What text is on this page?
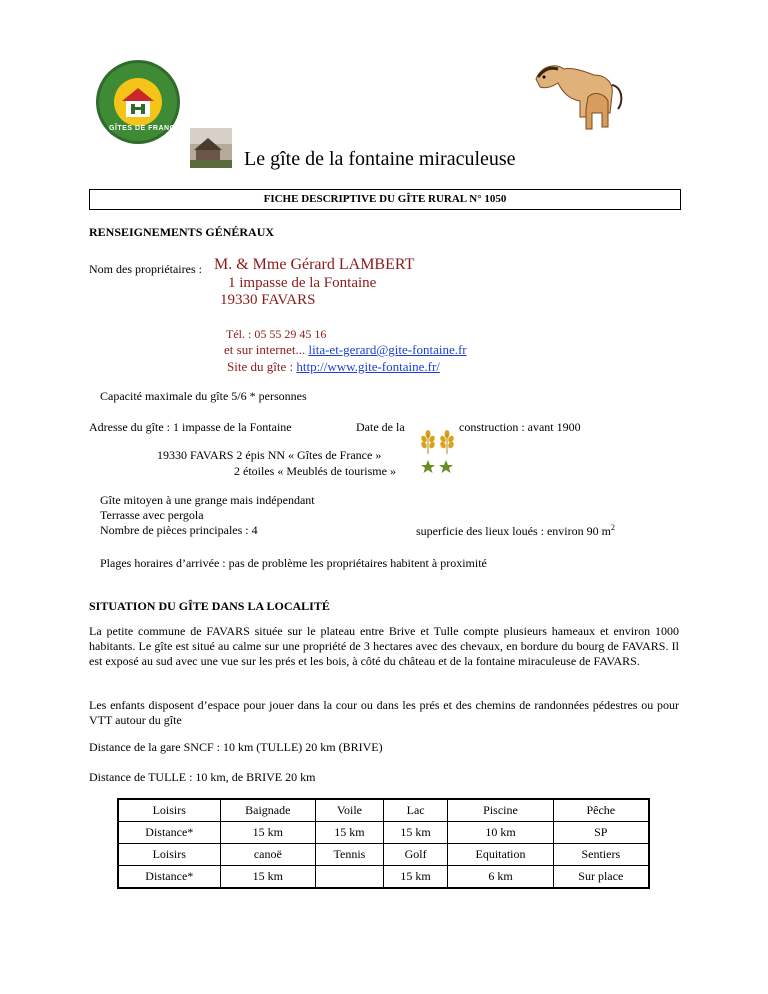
GÎTES DE FRANCE
Le gîte de la fontaine miraculeuse
FICHE DESCRIPTIVE DU GÎTE RURAL N° 1050
RENSEIGNEMENTS GÉNÉRAUX
Nom des propriétaires : M. & Mme Gérard LAMBERT
1 impasse de la Fontaine
19330 FAVARS
Tél. : 05 55 29 45 16
et sur internet... lita-et-gerard@gite-fontaine.fr
Site du gîte : http://www.gite-fontaine.fr/
Capacité maximale du gîte 5/6 * personnes
Adresse du gîte : 1 impasse de la Fontaine	Date de la	construction : avant 1900
19330 FAVARS 2 épis NN « Gîtes de France »
2 étoiles « Meublés de tourisme »
Gîte mitoyen à une grange mais indépendant
Terrasse avec pergola
Nombre de pièces principales : 4	superficie des lieux loués : environ 90 $m^2$
Plages horaires d’arrivée : pas de problème les propriétaires habitent à proximité
SITUATION DU GÎTE DANS LA LOCALITÉ
La petite commune de FAVARS située sur le plateau entre Brive et Tulle compte plusieurs hameaux et environ 1000 habitants. Le gîte est situé au calme sur une propriété de 3 hectares avec des chevaux, en bordure du bourg de FAVARS. Il est exposé au sud avec une vue sur les prés et les bois, à côté du château et de la fontaine miraculeuse de FAVARS.
Les enfants disposent d’espace pour jouer dans la cour ou dans les prés et des chemins de randonnées pédestres ou pour VTT autour du gîte
Distance de la gare SNCF : 10 km (TULLE) 20 km (BRIVE)
Distance de TULLE : 10 km, de BRIVE 20 km
Loisirs	Baignade	Voile	Lac	Piscine	Pêche
Distance*	15 km	15 km	15 km	10 km	SP
Loisirs	canoë	Tennis	Golf	Equitation	Sentiers
Distance*	15 km		15 km	6 km	Sur place
